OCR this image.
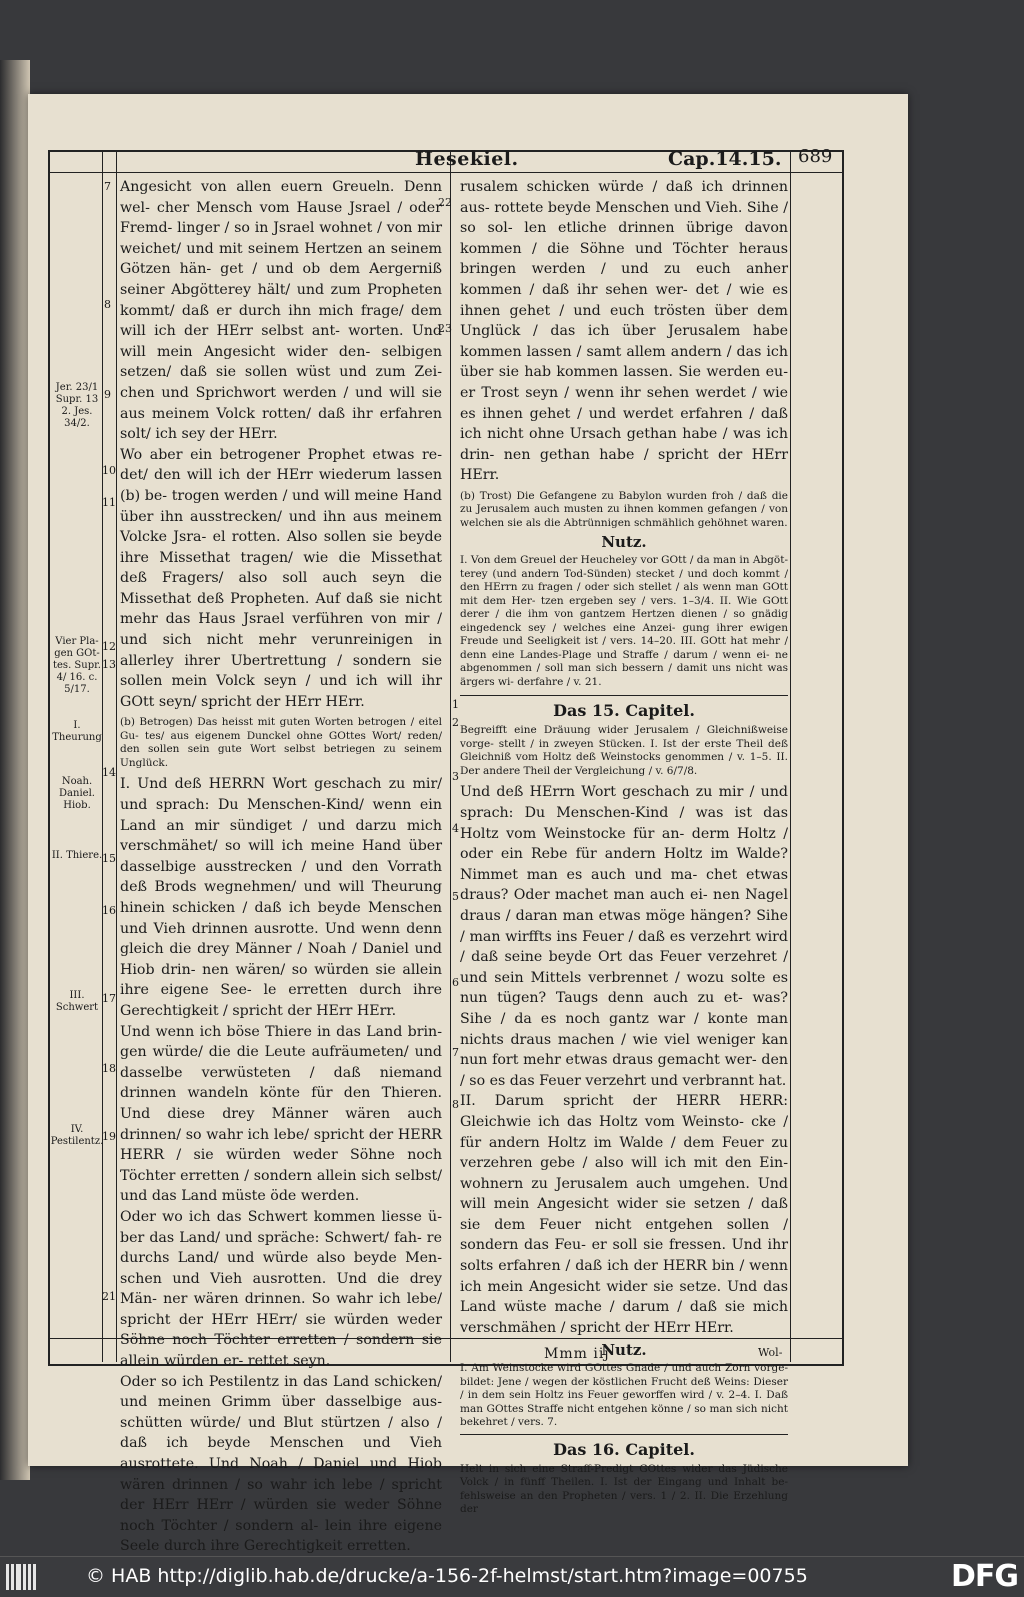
Hesekiel.	Cap.14.15. 689
Jer. 23/1 Supr. 13 2. Jes. 34/2.
Vier Pla- gen GOt- tes. Supr. 4/ 16. c. 5/17.
I. Theurung
Noah. Daniel. Hiob.
II. Thiere.
III. Schwert
IV. Pestilentz.
7
8
9
10
11
12
13
14
15
16
17
18
19
21
22
23
1
2
3
4
5
6
7
8

Angesicht von allen euern Greueln. Denn wel- cher Mensch vom Hause Jsrael / oder Fremd- linger / so in Jsrael wohnet / von mir weichet/ und mit seinem Hertzen an seinem Götzen hän- get / und ob dem Aergerniß seiner Abgötterey hält/ und zum Propheten kommt/ daß er durch ihn mich frage/ dem will ich der HErr selbst ant- worten. Und will mein Angesicht wider den- selbigen setzen/ daß sie sollen wüst und zum Zei- chen und Sprichwort werden / und will sie aus meinem Volck rotten/ daß ihr erfahren solt/ ich sey der HErr.

Wo aber ein betrogener Prophet etwas re- det/ den will ich der HErr wiederum lassen (b) be- trogen werden / und will meine Hand über ihn ausstrecken/ und ihn aus meinem Volcke Jsra- el rotten. Also sollen sie beyde ihre Missethat tragen/ wie die Missethat deß Fragers/ also soll auch seyn die Missethat deß Propheten. Auf daß sie nicht mehr das Haus Jsrael verführen von mir / und sich nicht mehr verunreinigen in allerley ihrer Ubertrettung / sondern sie sollen mein Volck seyn / und ich will ihr GOtt seyn/ spricht der HErr HErr.

(b) Betrogen) Das heisst mit guten Worten betrogen / eitel Gu- tes/ aus eigenem Dunckel ohne GOttes Wort/ reden/ den sollen sein gute Wort selbst betriegen zu seinem Unglück.

I. Und deß HERRN Wort geschach zu mir/ und sprach: Du Menschen-Kind/ wenn ein Land an mir sündiget / und darzu mich verschmähet/ so will ich meine Hand über dasselbige ausstrecken / und den Vorrath deß Brods wegnehmen/ und will Theurung hinein schicken / daß ich beyde Menschen und Vieh drinnen ausrotte. Und wenn denn gleich die drey Männer / Noah / Daniel und Hiob drin- nen wären/ so würden sie allein ihre eigene See- le erretten durch ihre Gerechtigkeit / spricht der HErr HErr.

Und wenn ich böse Thiere in das Land brin- gen würde/ die die Leute aufräumeten/ und dasselbe verwüsteten / daß niemand drinnen wandeln könte für den Thieren. Und diese drey Männer wären auch drinnen/ so wahr ich lebe/ spricht der HERR HERR / sie würden weder Söhne noch Töchter erretten / sondern allein sich selbst/ und das Land müste öde werden.

Oder wo ich das Schwert kommen liesse ü- ber das Land/ und spräche: Schwert/ fah- re durchs Land/ und würde also beyde Men- schen und Vieh ausrotten. Und die drey Män- ner wären drinnen. So wahr ich lebe/ spricht der HErr HErr/ sie würden weder Söhne noch Töchter erretten / sondern sie allein würden er- rettet seyn.

Oder so ich Pestilentz in das Land schicken/ und meinen Grimm über dasselbige aus- schütten würde/ und Blut stürtzen / also / daß ich beyde Menschen und Vieh ausrottete. Und Noah / Daniel und Hiob wären drinnen / so wahr ich lebe / spricht der HErr HErr / würden sie weder Söhne noch Töchter / sondern al- lein ihre eigene Seele durch ihre Gerechtigkeit erretten.

rusalem schicken würde / daß ich drinnen aus- rottete beyde Menschen und Vieh. Sihe / so sol- len etliche drinnen übrige davon kommen / die Söhne und Töchter heraus bringen werden / und zu euch anher kommen / daß ihr sehen wer- det / wie es ihnen gehet / und euch trösten über dem Unglück / das ich über Jerusalem habe kommen lassen / samt allem andern / das ich über sie hab kommen lassen. Sie werden eu- er Trost seyn / wenn ihr sehen werdet / wie es ihnen gehet / und werdet erfahren / daß ich nicht ohne Ursach gethan habe / was ich drin- nen gethan habe / spricht der HErr HErr.

(b) Trost) Die Gefangene zu Babylon wurden froh / daß die zu Jerusalem auch musten zu ihnen kommen gefangen / von welchen sie als die Abtrünnigen schmählich gehöhnet waren.

Nutz.

I. Von dem Greuel der Heucheley vor GOtt / da man in Abgöt- terey (und andern Tod-Sünden) stecket / und doch kommt / den HErrn zu fragen / oder sich stellet / als wenn man GOtt mit dem Her- tzen ergeben sey / vers. 1–3/4. II. Wie GOtt derer / die ihm von gantzem Hertzen dienen / so gnädig eingedenck sey / welches eine Anzei- gung ihrer ewigen Freude und Seeligkeit ist / vers. 14–20. III. GOtt hat mehr / denn eine Landes-Plage und Straffe / darum / wenn ei- ne abgenommen / soll man sich bessern / damit uns nicht was ärgers wi- derfahre / v. 21.

Das 15. Capitel.

Begreifft eine Dräuung wider Jerusalem / Gleichnißweise vorge- stellt / in zweyen Stücken. I. Ist der erste Theil deß Gleichniß vom Holtz deß Weinstocks genommen / v. 1–5. II. Der andere Theil der Vergleichung / v. 6/7/8.

Und deß HErrn Wort geschach zu mir / und sprach: Du Menschen-Kind / was ist das Holtz vom Weinstocke für an- derm Holtz / oder ein Rebe für andern Holtz im Walde? Nimmet man es auch und ma- chet etwas draus? Oder machet man auch ei- nen Nagel draus / daran man etwas möge hängen? Sihe / man wirffts ins Feuer / daß es verzehrt wird / daß seine beyde Ort das Feuer verzehret / und sein Mittels verbrennet / wozu solte es nun tügen? Taugs denn auch zu et- was? Sihe / da es noch gantz war / konte man nichts draus machen / wie viel weniger kan nun fort mehr etwas draus gemacht wer- den / so es das Feuer verzehrt und verbrannt hat.

II. Darum spricht der HERR HERR: Gleichwie ich das Holtz vom Weinsto- cke / für andern Holtz im Walde / dem Feuer zu verzehren gebe / also will ich mit den Ein- wohnern zu Jerusalem auch umgehen. Und will mein Angesicht wider sie setzen / daß sie dem Feuer nicht entgehen sollen / sondern das Feu- er soll sie fressen. Und ihr solts erfahren / daß ich der HERR bin / wenn ich mein Angesicht wider sie setze. Und das Land wüste mache / darum / daß sie mich verschmähen / spricht der HErr HErr.

Nutz.

I. Am Weinstocke wird GOttes Gnade / und auch Zorn vorge- bildet: Jene / wegen der köstlichen Frucht deß Weins: Dieser / in dem sein Holtz ins Feuer geworffen wird / v. 2–4. I. Daß man GOttes Straffe nicht entgehen könne / so man sich nicht bekehret / vers. 7.

Das 16. Capitel.

Helt in sich eine Straff-Predigt GOttes wider das Jüdische Volck / in fünff Theilen. I. Ist der Eingang und Inhalt be- fehlsweise an den Propheten / vers. 1 / 2. II. Die Erzehlung der

Mmm iij	Wol-
© HAB http://diglib.hab.de/drucke/a-156-2f-helmst/start.htm?image=00755	DFG
